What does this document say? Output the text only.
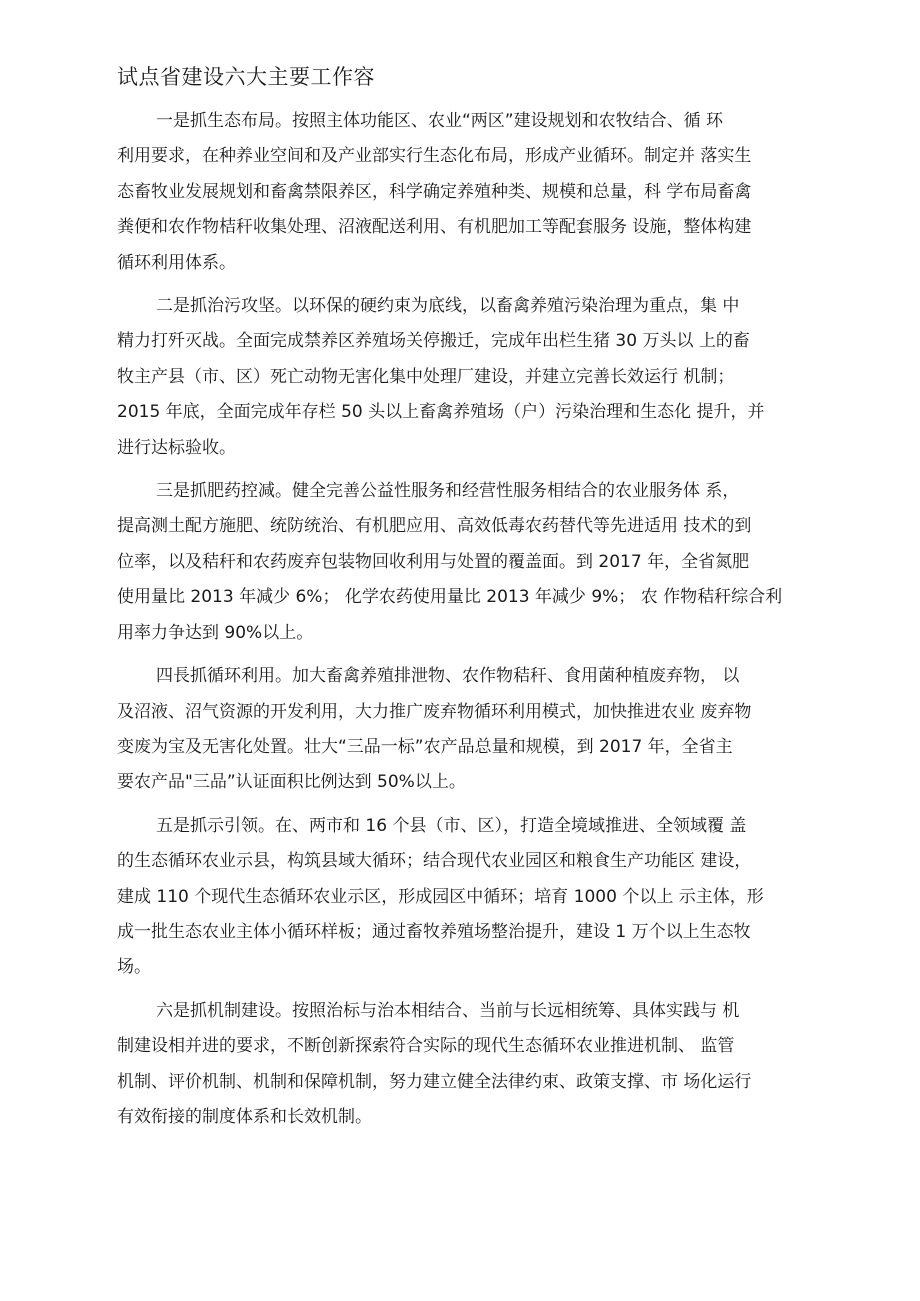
试点省建设六大主要工作容

一是抓生态布局。按照主体功能区、农业“两区”建设规划和农牧结合、循 环
利用要求，在种养业空间和及产业部实行生态化布局，形成产业循环。制定并 落实生
态畜牧业发展规划和畜禽禁限养区，科学确定养殖种类、规模和总量，科 学布局畜禽
粪便和农作物桔秆收集处理、沼液配送利用、有机肥加工等配套服务 设施，整体构建
循环利用体系。

二是抓治污攻坚。以环保的硬约束为底线，以畜禽养殖污染治理为重点，集 中
精力打歼灭战。全面完成禁养区养殖场关停搬迁，完成年出栏生猪 30 万头以 上的畜
牧主产县（市、区）死亡动物无害化集中处理厂建设，并建立完善长效运行 机制；
2015 年底，全面完成年存栏 50 头以上畜禽养殖场（户）污染治理和生态化 提升，并
进行达标验收。

三是抓肥药控减。健全完善公益性服务和经营性服务相结合的农业服务体 系，
提高测土配方施肥、统防统治、有机肥应用、高效低毒农药替代等先进适用 技术的到
位率，以及秸秆和农药废弃包装物回收利用与处置的覆盖面。到 2017 年，全省氮肥
使用量比 2013 年减少 6%； 化学农药使用量比 2013 年减少 9%； 农 作物秸秆综合利
用率力争达到 90%以上。

四長抓循环利用。加大畜禽养殖排泄物、农作物秸秆、食用菌种植废弃物， 以
及沼液、沼气资源的开发利用，大力推广废弃物循环利用模式，加快推进农业 废弃物
变废为宝及无害化处置。壮大“三品一标”农产品总量和规模，到 2017 年，全省主
要农产品"三品”认证面积比例达到 50%以上。

五是抓示引领。在、两市和 16 个县（市、区），打造全境域推进、全领域覆 盖
的生态循环农业示县，构筑县域大循环；结合现代农业园区和粮食生产功能区 建设，
建成 110 个现代生态循环农业示区，形成园区中循环；培育 1000 个以上 示主体，形
成一批生态农业主体小循环样板；通过畜牧养殖场整治提升，建设 1 万个以上生态牧
场。

六是抓机制建设。按照治标与治本相结合、当前与长远相统筹、具体实践与 机
制建设相并进的要求，不断创新探索符合实际的现代生态循环农业推进机制、 监管
机制、评价机制、机制和保障机制，努力建立健全法律约束、政策支撑、市 场化运行
有效衔接的制度体系和长效机制。
